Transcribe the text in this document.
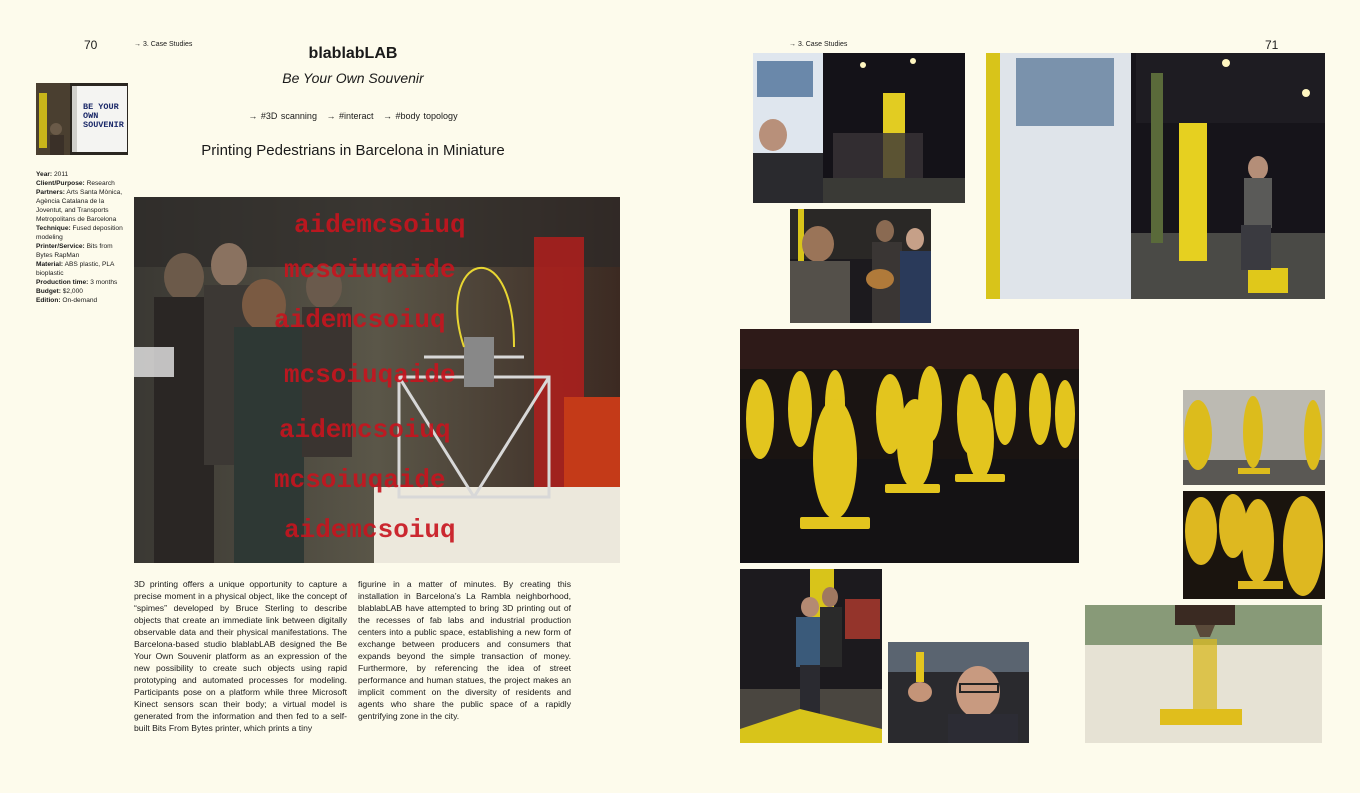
70	→ 3. Case Studies
blablabLAB
Be Your Own Souvenir
→ #3D scanning → #interact → #body topology
Printing Pedestrians in Barcelona in Miniature
BE YOUR OWN SOUVENIR
Year: 2011
Client/Purpose: Research
Partners: Arts Santa Mònica, Agència Catalana de la Joventut, and Transports Metropolitans de Barcelona
Technique: Fused deposition modeling
Printer/Service: Bits from Bytes RapMan
Material: ABS plastic, PLA bioplastic
Production time: 3 months
Budget: $2,000
Edition: On-demand
aidemcsoiuq
mcsoiuqaide
aidemcsoiuq
mcsoiuqaide
aidemcsoiuq
mcsoiuqaide
aidemcsoiuq
3D printing offers a unique opportunity to capture a precise moment in a physical object, like the concept of “spimes” developed by Bruce Sterling to describe objects that create an immediate link between digitally observable data and their physical manifestations. The Barcelona-based studio blablabLAB designed the Be Your Own Souvenir platform as an expression of the new possibility to create such objects using rapid prototyping and automated processes for modeling. Participants pose on a platform while three Microsoft Kinect sensors scan their body; a virtual model is generated from the information and then fed to a self-built Bits From Bytes printer, which prints a tiny
figurine in a matter of minutes. By creating this installation in Barcelona’s La Rambla neighborhood, blablabLAB have attempted to bring 3D printing out of the recesses of fab labs and industrial production centers into a public space, establishing a new form of exchange between producers and consumers that expands beyond the simple transaction of money. Furthermore, by referencing the idea of street performance and human statues, the project makes an implicit comment on the diversity of residents and agents who share the public space of a rapidly gentrifying zone in the city.
→ 3. Case Studies	71
